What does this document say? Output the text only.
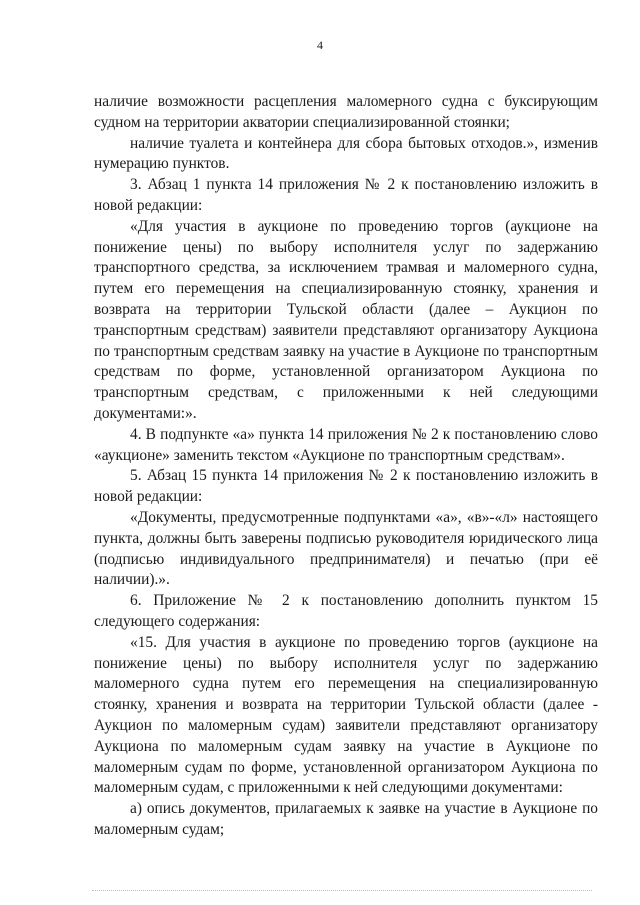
4

наличие возможности расцепления маломерного судна с буксирующим судном на территории акватории специализированной стоянки;

наличие туалета и контейнера для сбора бытовых отходов.», изменив нумерацию пунктов.

3. Абзац 1 пункта 14 приложения № 2 к постановлению изложить в новой редакции:

«Для участия в аукционе по проведению торгов (аукционе на понижение цены) по выбору исполнителя услуг по задержанию транспортного средства, за исключением трамвая и маломерного судна, путем его перемещения на специализированную стоянку, хранения и возврата на территории Тульской области (далее – Аукцион по транспортным средствам) заявители представляют организатору Аукциона по транспортным средствам заявку на участие в Аукционе по транспортным средствам по форме, установленной организатором Аукциона по транспортным средствам, с приложенными к ней следующими документами:».

4. В подпункте «а» пункта 14 приложения № 2 к постановлению слово «аукционе» заменить текстом «Аукционе по транспортным средствам».

5. Абзац 15 пункта 14 приложения № 2 к постановлению изложить в новой редакции:

«Документы, предусмотренные подпунктами «а», «в»-«л» настоящего пункта, должны быть заверены подписью руководителя юридического лица (подписью индивидуального предпринимателя) и печатью (при её наличии).».

6. Приложение № 2 к постановлению дополнить пунктом 15 следующего содержания:

«15. Для участия в аукционе по проведению торгов (аукционе на понижение цены) по выбору исполнителя услуг по задержанию маломерного судна путем его перемещения на специализированную стоянку, хранения и возврата на территории Тульской области (далее - Аукцион по маломерным судам) заявители представляют организатору Аукциона по маломерным судам заявку на участие в Аукционе по маломерным судам по форме, установленной организатором Аукциона по маломерным судам, с приложенными к ней следующими документами:

а) опись документов, прилагаемых к заявке на участие в Аукционе по маломерным судам;
